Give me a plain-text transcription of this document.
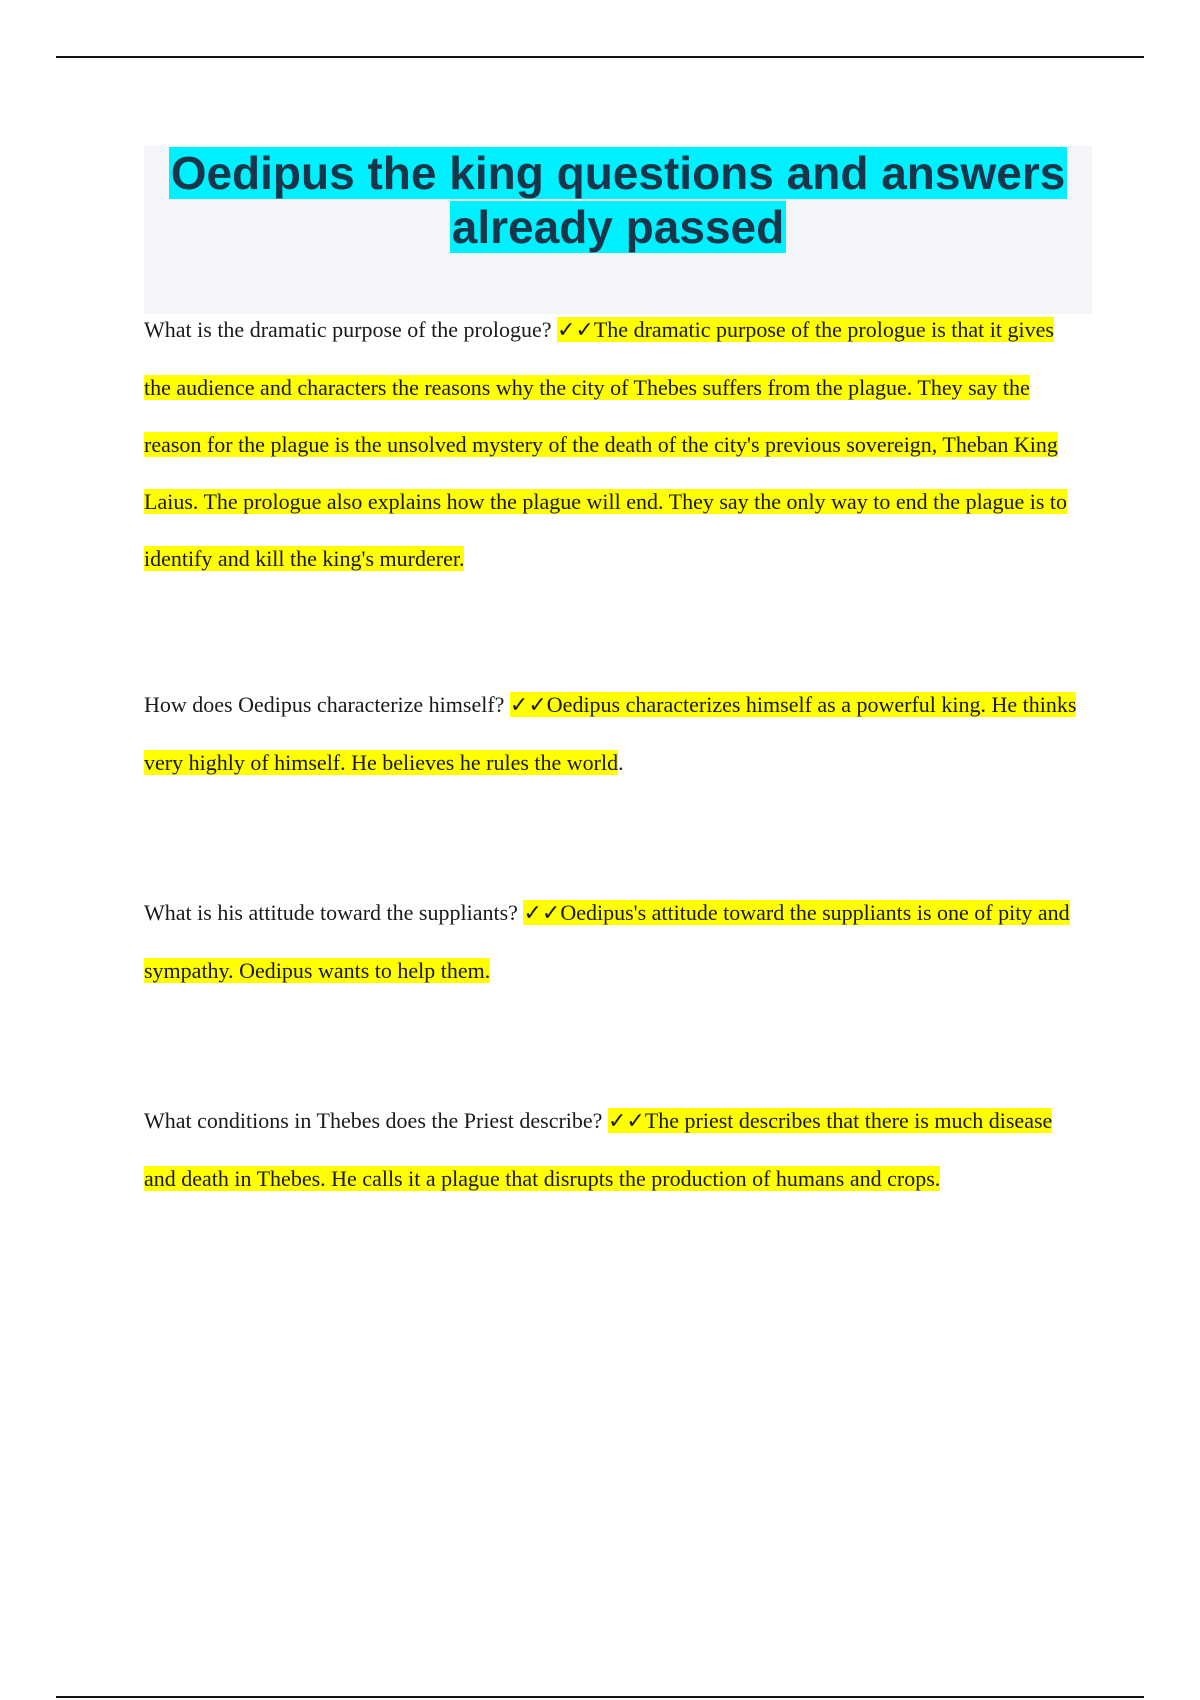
Oedipus the king questions and answers
already passed
What is the dramatic purpose of the prologue? ✓✓The dramatic purpose of the prologue is that it gives the audience and characters the reasons why the city of Thebes suffers from the plague. They say the reason for the plague is the unsolved mystery of the death of the city's previous sovereign, Theban King Laius. The prologue also explains how the plague will end. They say the only way to end the plague is to identify and kill the king's murderer.
How does Oedipus characterize himself? ✓✓Oedipus characterizes himself as a powerful king. He thinks very highly of himself. He believes he rules the world.
What is his attitude toward the suppliants? ✓✓Oedipus's attitude toward the suppliants is one of pity and sympathy. Oedipus wants to help them.
What conditions in Thebes does the Priest describe? ✓✓The priest describes that there is much disease and death in Thebes. He calls it a plague that disrupts the production of humans and crops.
